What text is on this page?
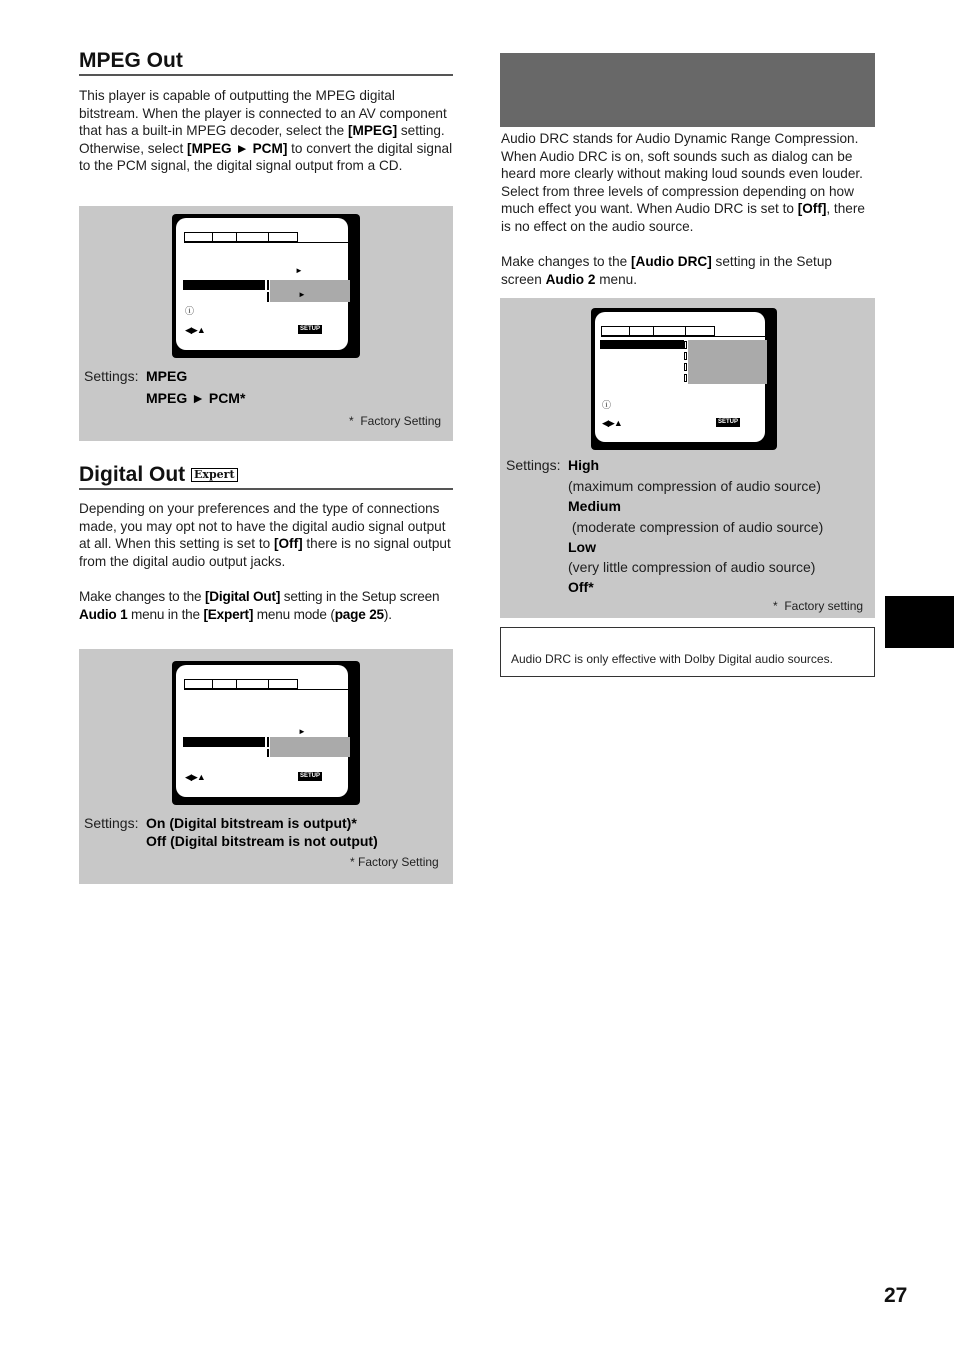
MPEG Out
This player is capable of outputting the MPEG digital bitstream. When the player is connected to an AV component that has a built-in MPEG decoder, select the [MPEG] setting. Otherwise, select [MPEG ► PCM] to convert the digital signal to the PCM signal, the digital signal output from a CD.
►
►
ⓘ
◀▶▲	SETUP
Settings: MPEG
MPEG ► PCM*
* Factory Setting
Digital Out Expert
Depending on your preferences and the type of connections made, you may opt not to have the digital audio signal output at all. When this setting is set to [Off] there is no signal output from the digital audio output jacks.
Make changes to the [Digital Out] setting in the Setup screen Audio 1 menu in the [Expert] menu mode (page 25).
►
◀▶▲	SETUP
Settings: On (Digital bitstream is output)*
Off (Digital bitstream is not output)
* Factory Setting
Audio DRC stands for Audio Dynamic Range Compression. When Audio DRC is on, soft sounds such as dialog can be heard more clearly without making loud sounds even louder. Select from three levels of compression depending on how much effect you want. When Audio DRC is set to [Off], there is no effect on the audio source.
Make changes to the [Audio DRC] setting in the Setup screen Audio 2 menu.
ⓘ
◀▶▲	SETUP
Settings: High
(maximum compression of audio source)
Medium
(moderate compression of audio source)
Low
(very little compression of audio source)
Off*
* Factory setting
Audio DRC is only effective with Dolby Digital audio sources.
27
